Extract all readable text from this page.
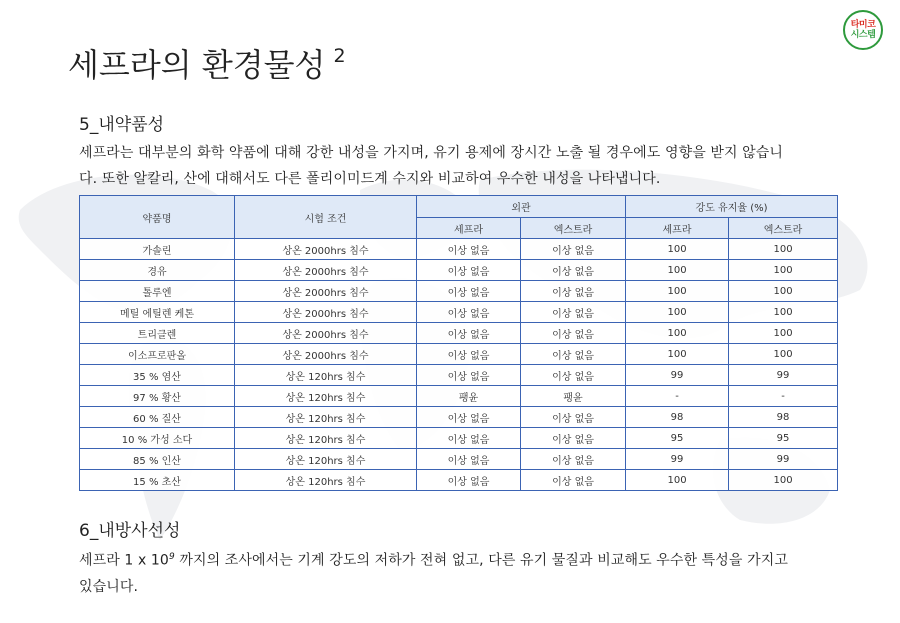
타미코
시스템
세프라의 환경물성 $^2$
5_내약품성

세프라는 대부분의 화학 약품에 대해 강한 내성을 가지며, 유기 용제에 장시간 노출 될 경우에도 영향을 받지 않습니
다. 또한 알칼리, 산에 대해서도 다른 폴리이미드계 수지와 비교하여 우수한 내성을 나타냅니다.

약품명	시험 조건	외관		강도 유지율 (%)	
		세프라	엑스트라	세프라	엑스트라
가솔린	상온 2000hrs 침수	이상 없음	이상 없음	100	100
경유	상온 2000hrs 침수	이상 없음	이상 없음	100	100
톨루엔	상온 2000hrs 침수	이상 없음	이상 없음	100	100
메틸 에틸렌 케톤	상온 2000hrs 침수	이상 없음	이상 없음	100	100
트리클렌	상온 2000hrs 침수	이상 없음	이상 없음	100	100
이소프로판올	상온 2000hrs 침수	이상 없음	이상 없음	100	100
35 % 염산	상온 120hrs 침수	이상 없음	이상 없음	99	99
97 % 황산	상온 120hrs 침수	팽윤	팽윤	-	-
60 % 질산	상온 120hrs 침수	이상 없음	이상 없음	98	98
10 % 가성 소다	상온 120hrs 침수	이상 없음	이상 없음	95	95
85 % 인산	상온 120hrs 침수	이상 없음	이상 없음	99	99
15 % 초산	상온 120hrs 침수	이상 없음	이상 없음	100	100
6_내방사선성

세프라 1 x $10^9$ 까지의 조사에서는 기계 강도의 저하가 전혀 없고, 다른 유기 물질과 비교해도 우수한 특성을 가지고
있습니다.
